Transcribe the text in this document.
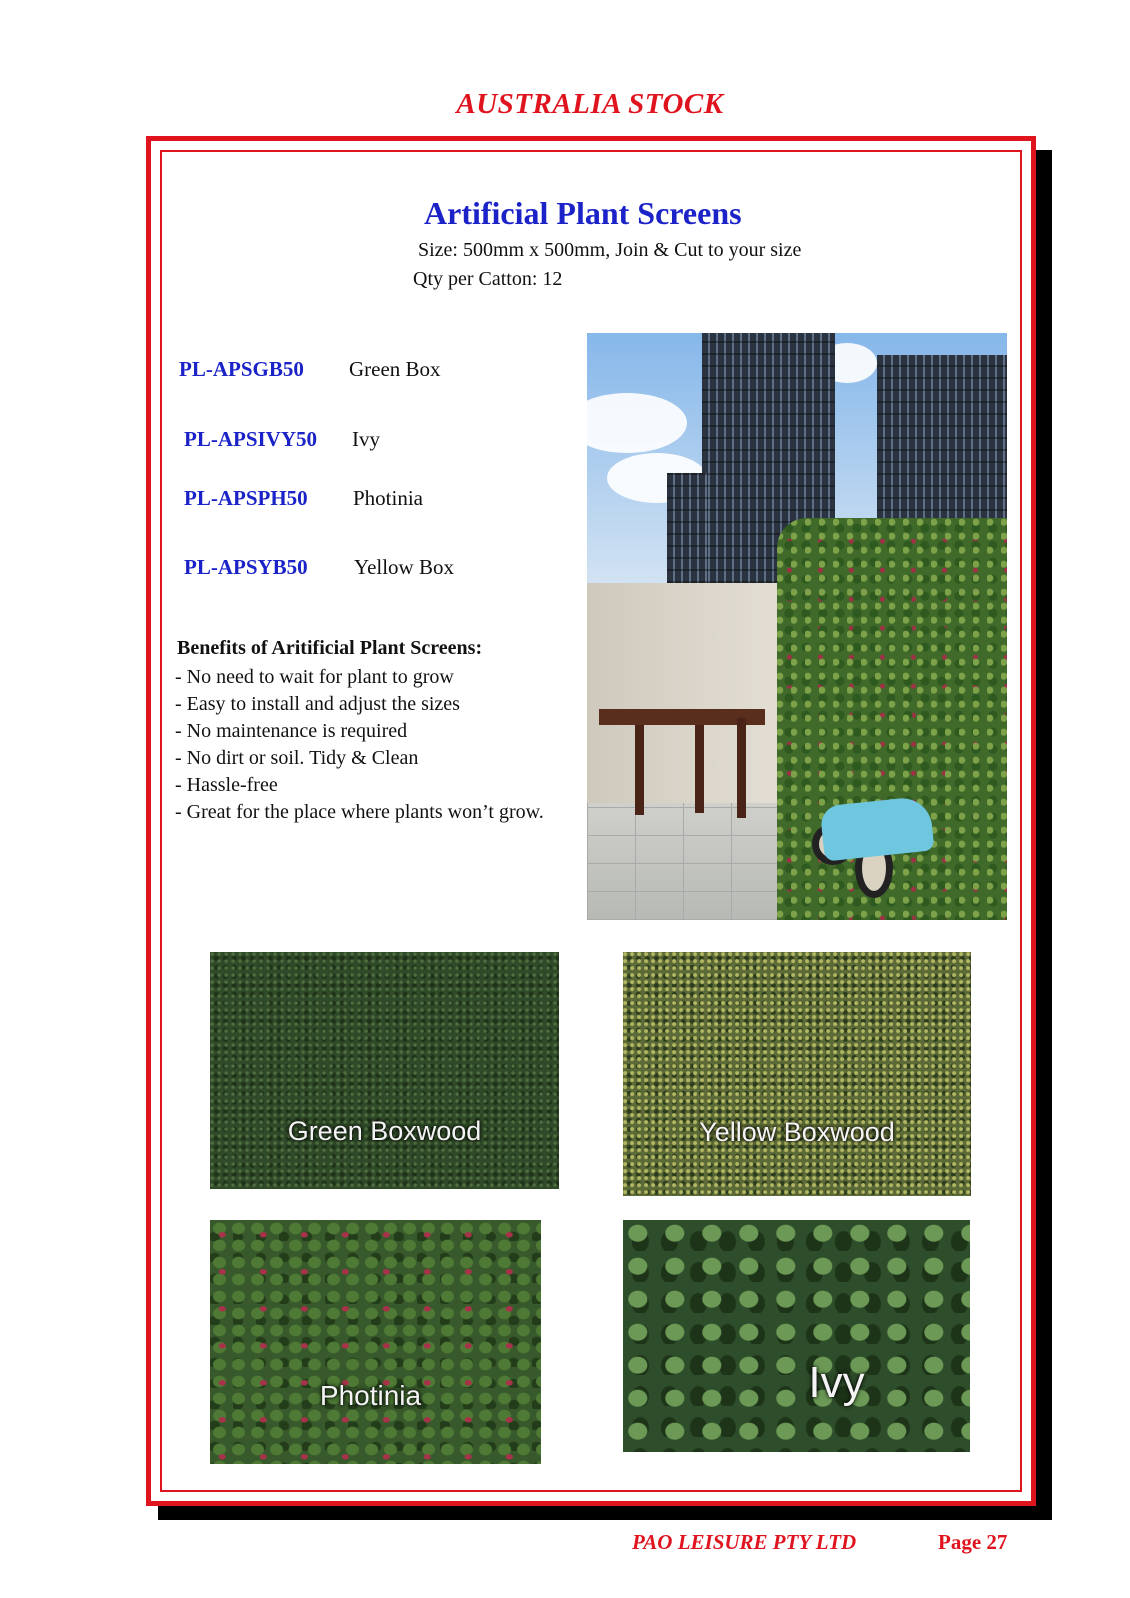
AUSTRALIA STOCK
Artificial Plant Screens
Size: 500mm x 500mm, Join & Cut to your size
Qty per Catton: 12
PL-APSGB50 Green Box
PL-APSIVY50 Ivy
PL-APSPH50 Photinia
PL-APSYB50 Yellow Box
Benefits of Aritificial Plant Screens:
- No need to wait for plant to grow
- Easy to install and adjust the sizes
- No maintenance is required
- No dirt or soil. Tidy & Clean
- Hassle-free
- Great for the place where plants won’t grow.
Green Boxwood	Yellow Boxwood
Photinia	Ivy
PAO LEISURE PTY LTD	Page 27
